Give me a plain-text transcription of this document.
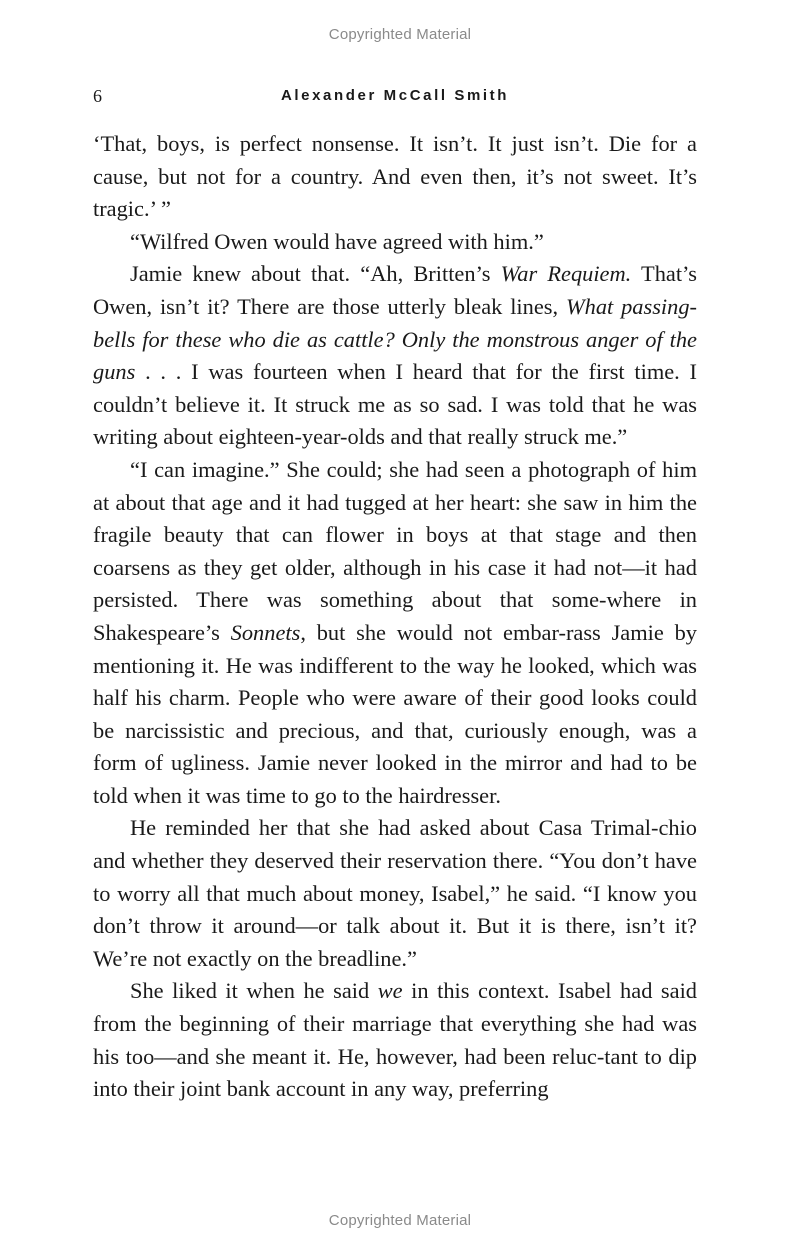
Copyrighted Material
6	Alexander McCall Smith

‘That, boys, is perfect nonsense. It isn’t. It just isn’t. Die for a cause, but not for a country. And even then, it’s not sweet. It’s tragic.’ ”

“Wilfred Owen would have agreed with him.”

Jamie knew about that. “Ah, Britten’s War Requiem. That’s Owen, isn’t it? There are those utterly bleak lines, What passing-bells for these who die as cattle? Only the monstrous anger of the guns . . . I was fourteen when I heard that for the first time. I couldn’t believe it. It struck me as so sad. I was told that he was writing about eighteen-year-olds and that really struck me.”

“I can imagine.” She could; she had seen a photograph of him at about that age and it had tugged at her heart: she saw in him the fragile beauty that can flower in boys at that stage and then coarsens as they get older, although in his case it had not—it had persisted. There was something about that some-where in Shakespeare’s Sonnets, but she would not embar-rass Jamie by mentioning it. He was indifferent to the way he looked, which was half his charm. People who were aware of their good looks could be narcissistic and precious, and that, curiously enough, was a form of ugliness. Jamie never looked in the mirror and had to be told when it was time to go to the hairdresser.

He reminded her that she had asked about Casa Trimal-chio and whether they deserved their reservation there. “You don’t have to worry all that much about money, Isabel,” he said. “I know you don’t throw it around—or talk about it. But it is there, isn’t it? We’re not exactly on the breadline.”

She liked it when he said we in this context. Isabel had said from the beginning of their marriage that everything she had was his too—and she meant it. He, however, had been reluc-tant to dip into their joint bank account in any way, preferring

Copyrighted Material
